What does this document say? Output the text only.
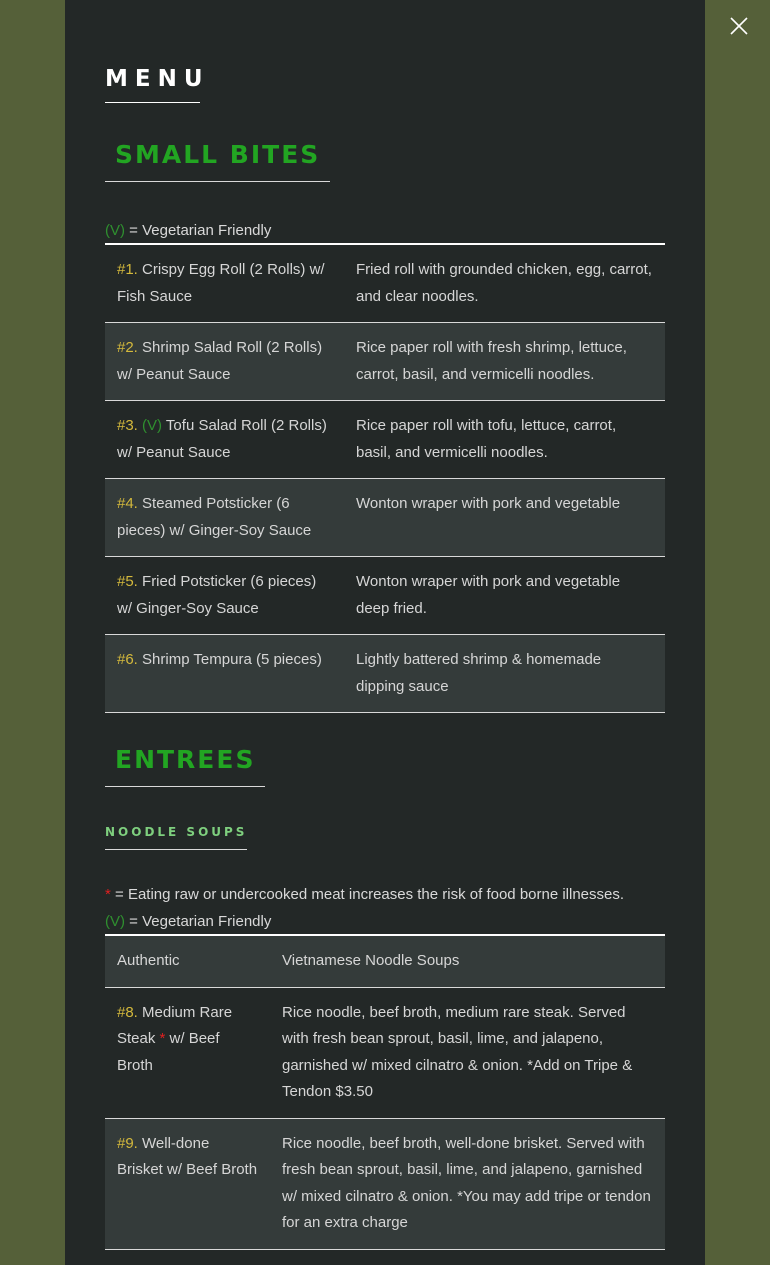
MENU
SMALL BITES
(V) = Vegetarian Friendly
#1. Crispy Egg Roll (2 Rolls) w/ Fish Sauce	Fried roll with grounded chicken, egg, carrot, and clear noodles.
#2. Shrimp Salad Roll (2 Rolls) w/ Peanut Sauce	Rice paper roll with fresh shrimp, lettuce, carrot, basil, and vermicelli noodles.
#3. (V) Tofu Salad Roll (2 Rolls) w/ Peanut Sauce	Rice paper roll with tofu, lettuce, carrot, basil, and vermicelli noodles.
#4. Steamed Potsticker (6 pieces) w/ Ginger-Soy Sauce	Wonton wraper with pork and vegetable
#5. Fried Potsticker (6 pieces) w/ Ginger-Soy Sauce	Wonton wraper with pork and vegetable deep fried.
#6. Shrimp Tempura (5 pieces)	Lightly battered shrimp & homemade dipping sauce
ENTREES
NOODLE SOUPS
* = Eating raw or undercooked meat increases the risk of food borne illnesses.
(V) = Vegetarian Friendly
Authentic	Vietnamese Noodle Soups
#8. Medium Rare Steak * w/ Beef Broth	Rice noodle, beef broth, medium rare steak. Served with fresh bean sprout, basil, lime, and jalapeno, garnished w/ mixed cilnatro & onion. *Add on Tripe & Tendon $3.50
#9. Well-done Brisket w/ Beef Broth	Rice noodle, beef broth, well-done brisket. Served with fresh bean sprout, basil, lime, and jalapeno, garnished w/ mixed cilnatro & onion. *You may add tripe or tendon for an extra charge
